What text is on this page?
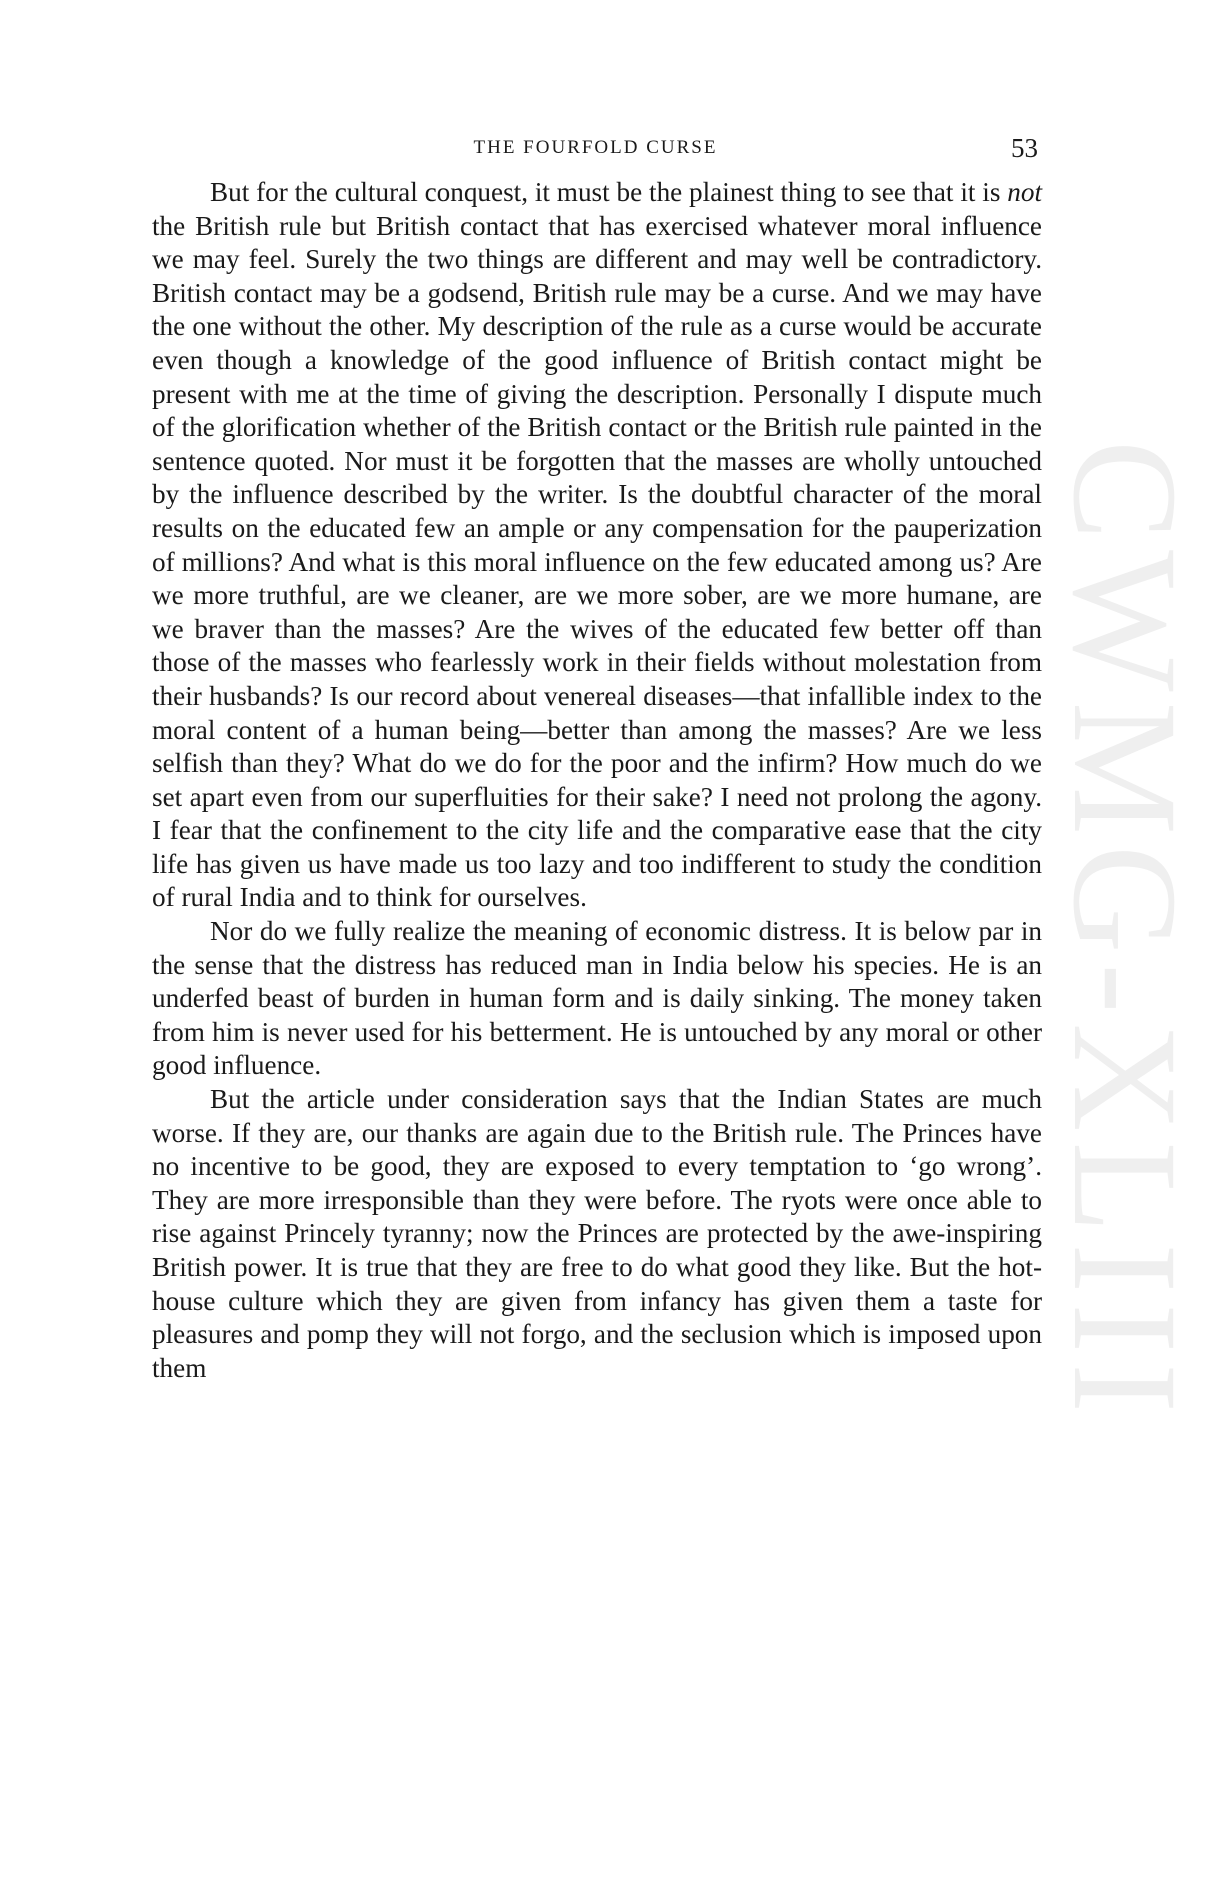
CWMG-XLIII
THE FOURFOLD CURSE	53

But for the cultural conquest, it must be the plainest thing to see that it is not the British rule but British contact that has exercised whatever moral influence we may feel. Surely the two things are different and may well be contradictory. British contact may be a godsend, British rule may be a curse. And we may have the one without the other. My description of the rule as a curse would be accurate even though a knowledge of the good influence of British contact might be present with me at the time of giving the description. Personally I dispute much of the glorification whether of the British contact or the British rule painted in the sentence quoted. Nor must it be forgotten that the masses are wholly untouched by the influence described by the writer. Is the doubtful character of the moral results on the educated few an ample or any compensation for the pauperization of millions? And what is this moral influence on the few educated among us? Are we more truthful, are we cleaner, are we more sober, are we more humane, are we braver than the masses? Are the wives of the educated few better off than those of the masses who fearlessly work in their fields without molestation from their husbands? Is our record about venereal diseases—that infallible index to the moral content of a human being—better than among the masses? Are we less selfish than they? What do we do for the poor and the infirm? How much do we set apart even from our superfluities for their sake? I need not prolong the agony. I fear that the confinement to the city life and the comparative ease that the city life has given us have made us too lazy and too indifferent to study the condition of rural India and to think for ourselves.

Nor do we fully realize the meaning of economic distress. It is below par in the sense that the distress has reduced man in India below his species. He is an underfed beast of burden in human form and is daily sinking. The money taken from him is never used for his betterment. He is untouched by any moral or other good influence.

But the article under consideration says that the Indian States are much worse. If they are, our thanks are again due to the British rule. The Princes have no incentive to be good, they are exposed to every temptation to ‘go wrong’. They are more irresponsible than they were before. The ryots were once able to rise against Princely tyranny; now the Princes are protected by the awe-inspiring British power. It is true that they are free to do what good they like. But the hot-house culture which they are given from infancy has given them a taste for pleasures and pomp they will not forgo, and the seclusion which is imposed upon them
